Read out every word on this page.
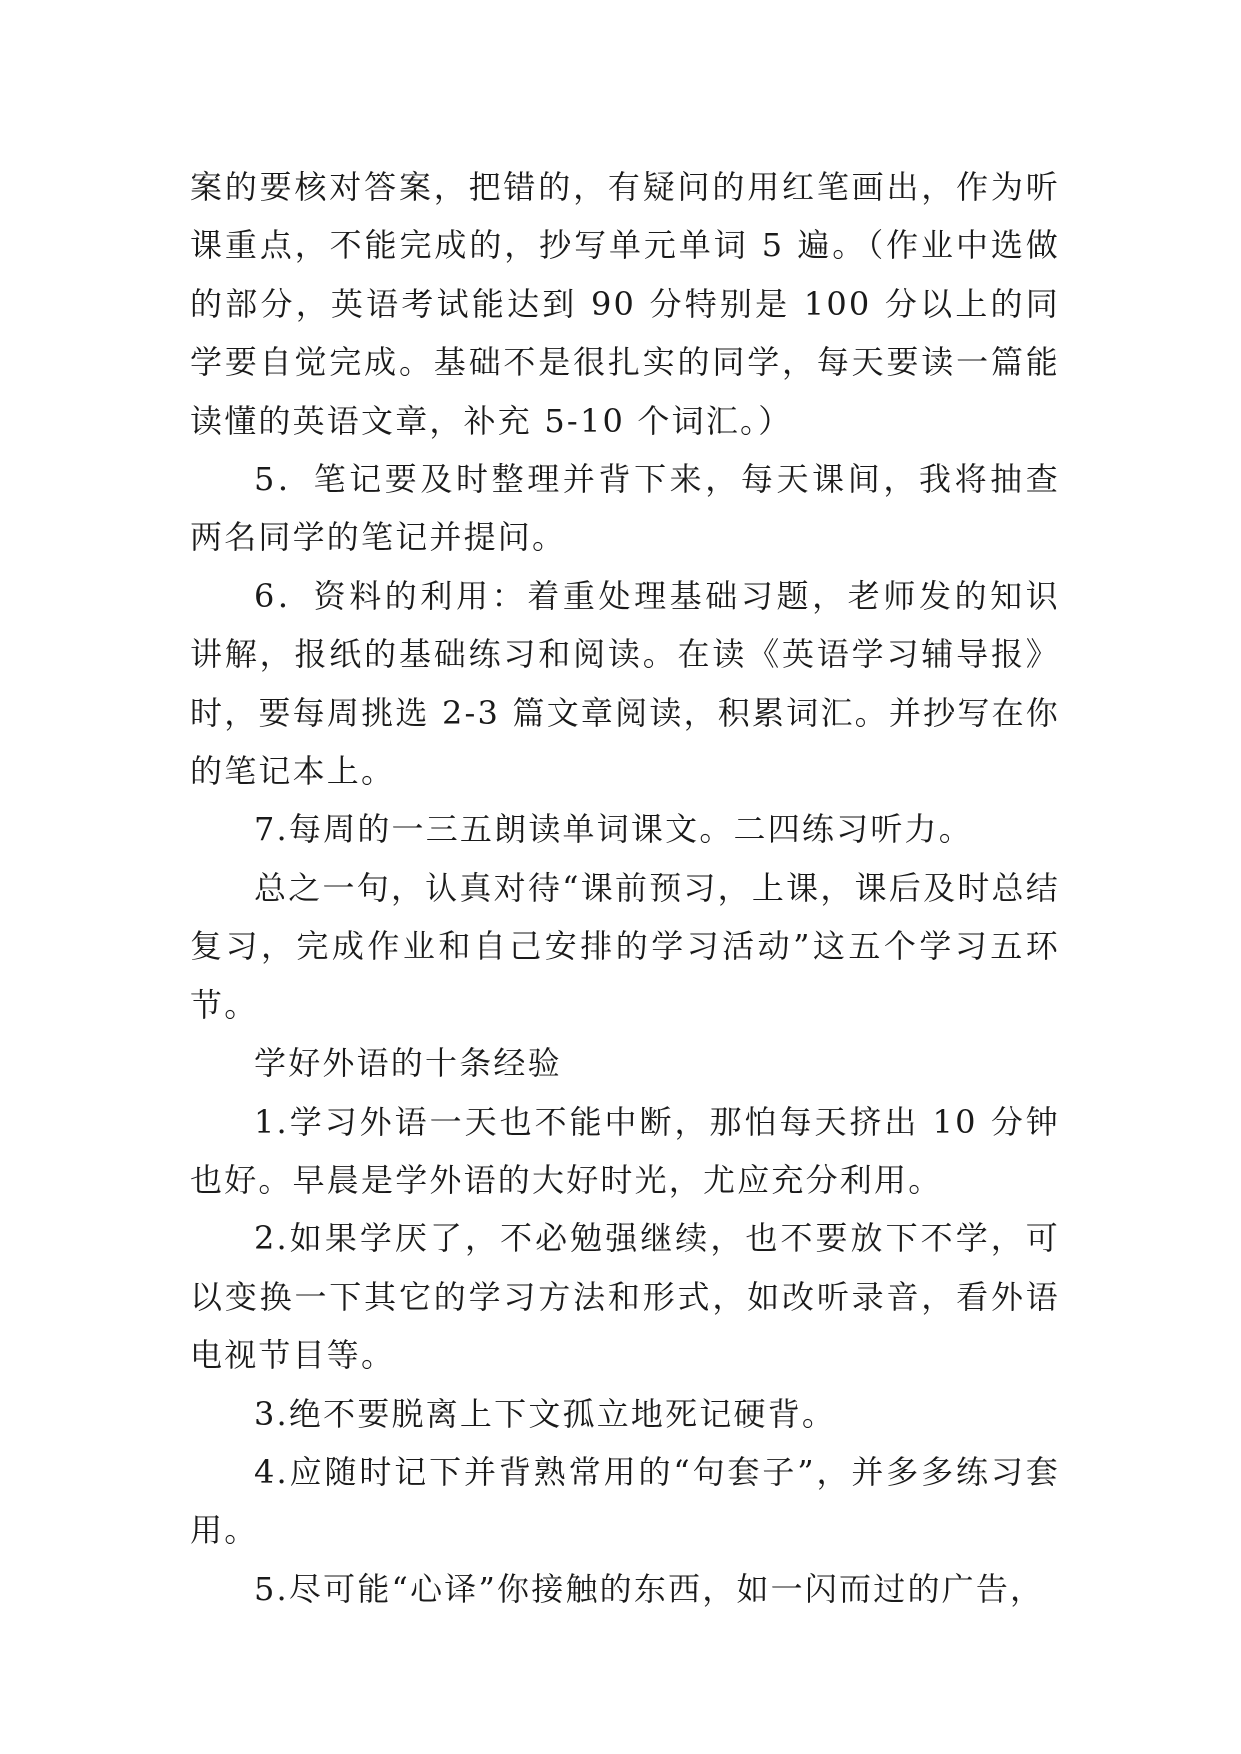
案的要核对答案，把错的，有疑问的用红笔画出，作为听课重点，不能完成的，抄写单元单词 5 遍。（作业中选做的部分，英语考试能达到 90 分特别是 100 分以上的同学要自觉完成。基础不是很扎实的同学，每天要读一篇能读懂的英语文章，补充 5-10 个词汇。）

5．笔记要及时整理并背下来，每天课间，我将抽查两名同学的笔记并提问。

6．资料的利用：着重处理基础习题，老师发的知识讲解，报纸的基础练习和阅读。在读《英语学习辅导报》时，要每周挑选 2-3 篇文章阅读，积累词汇。并抄写在你的笔记本上。

7.每周的一三五朗读单词课文。二四练习听力。

总之一句，认真对待“课前预习，上课，课后及时总结复习，完成作业和自己安排的学习活动”这五个学习五环节。

学好外语的十条经验

1.学习外语一天也不能中断，那怕每天挤出 10 分钟也好。早晨是学外语的大好时光，尤应充分利用。

2.如果学厌了，不必勉强继续，也不要放下不学，可以变换一下其它的学习方法和形式，如改听录音，看外语电视节目等。

3.绝不要脱离上下文孤立地死记硬背。

4.应随时记下并背熟常用的“句套子”，并多多练习套用。

5.尽可能“心译”你接触的东西，如一闪而过的广告，
